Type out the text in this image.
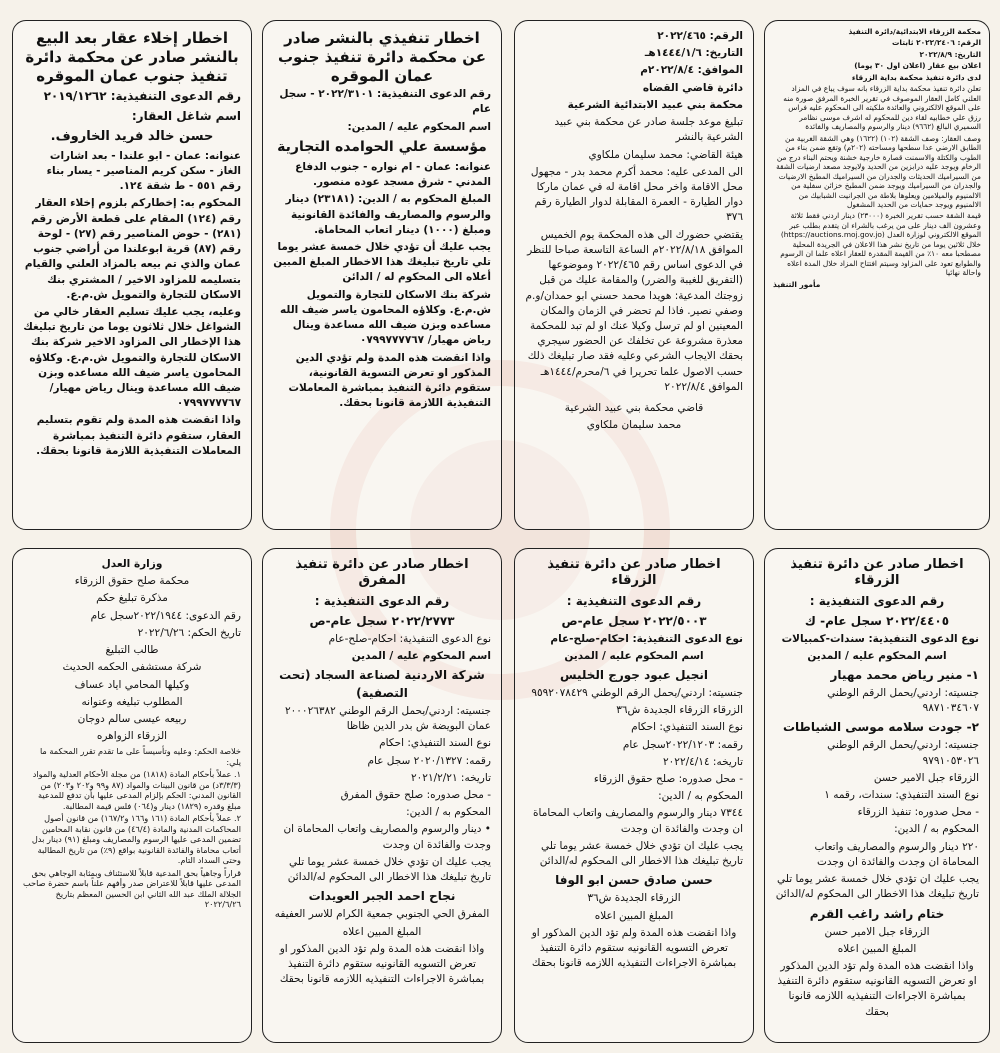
اخطار إخلاء عقار بعد البيع بالنشر صادر عن محكمة دائرة تنفيذ جنوب عمان الموقره

رقم الدعوى التنفيذية: ٢٠١٩/١٢٦٢

اسم شاغل العقار:

حسن خالد فريد الخاروف.

عنوانه: عمان - ابو علندا - بعد اشارات الغاز - سكن كريم المناصير - يسار بناء رقم ٥٥١ - ط شقة ١٢٤.

المحكوم به: إخطاركم بلزوم إخلاء العقار رقم (١٢٤) المقام على قطعة الأرض رقم (٢٨١) - حوض المناصير رقم (٢٧) - لوحة رقم (٨٧) قرية ابوعلندا من أراضي جنوب عمان والذي تم بيعه بالمزاد العلني والقيام بتسليمه للمزاود الاخير / المشتري بنك الاسكان للتجارة والتمويل ش.م.ع.

وعليه، يجب عليك تسليم العقار خالي من الشواغل خلال ثلاثون يوما من تاريخ تبليغك هذا الإخطار الى المزاود الاخير شركة بنك الاسكان للتجارة والتمويل ش.م.ع. وكلاؤه المحامون ياسر ضيف الله مساعده وبزن ضيف الله مساعدة وينال رياض مهيار/ ٠٧٩٩٧٧٧٧٦٧

واذا انقضت هذه المدة ولم تقوم بتسليم العقار، ستقوم دائرة التنفيذ بمباشرة المعاملات التنفيذية اللازمة قانونا بحقك.

اخطار تنفيذي بالنشر صادر عن محكمة دائرة تنفيذ جنوب عمان الموقره

رقم الدعوى التنفيذية: ٢٠٢٢/٣١٠١ - سجل عام

اسم المحكوم عليه / المدين:

مؤسسة علي الحوامده التجارية

عنوانه: عمان - ام نواره - جنوب الدفاع المدني - شرق مسجد عوده منصور.

المبلغ المحكوم به / الدين: (٢٣١٨١) دينار والرسوم والمصاريف والفائدة القانونية ومبلغ (١٠٠٠) دينار اتعاب المحاماة.

يجب عليك أن تؤدي خلال خمسة عشر يوما تلي تاريخ تبليغك هذا الاخطار المبلغ المبين أعلاه الى المحكوم له / الدائن

شركة بنك الاسكان للتجارة والتمويل ش.م.ع. وكلاؤه المحامون ياسر ضيف الله مساعده وبزن ضيف الله مساعدة وينال رياض مهيار/ ٠٧٩٩٧٧٧٧٦٧

واذا انقضت هذه المدة ولم تؤدي الدين المذكور او تعرض التسوية القانونية، ستقوم دائرة التنفيذ بمباشرة المعاملات التنفيذية اللازمة قانونا بحقك.

الرقم: ٢٠٢٢/٤٦٥

التاريخ: ١٤٤٤/١/٦هـ

الموافق: ٢٠٢٢/٨/٤م

دائرة قاضي القضاه

محكمة بني عبيد الابتدائية الشرعية

تبليغ موعد جلسة صادر عن محكمة بني عبيد الشرعية بالنشر

هيئة القاضي: محمد سليمان ملكاوي

الى المدعى عليه: محمد أكرم محمد بدر - مجهول محل الاقامة واخر محل اقامة له في عمان ماركا دوار الطيارة - العمرة المقابلة لدوار الطيارة رقم ٣٧٦

يقتضي حضورك الى هذه المحكمة يوم الخميس الموافق ٢٠٢٢/٨/١٨م الساعة التاسعة صباحا للنظر في الدعوى اساس رقم ٢٠٢٢/٤٦٥ وموضوعها (التفريق للغيبة والضرر) والمقامة عليك من قبل زوجتك المدعية: هويدا محمد حسني ابو حمدان/و.م وصفي نصير. فاذا لم تحضر في الزمان والمكان المعينين او لم ترسل وكيلا عنك او لم تبد للمحكمة معذرة مشروعة عن تخلفك عن الحضور سيجري بحقك الايجاب الشرعي وعليه فقد صار تبليغك ذلك حسب الاصول علما تحريرا في ٦/محرم/١٤٤٤هـ الموافق ٢٠٢٢/٨/٤

قاضي محكمة بني عبيد الشرعية

محمد سليمان ملكاوي

محكمة الزرقاء الابتدائية/دائرة التنفيذ

الرقم: ٢٠٢٢/٢٤٠٦ ثابتات

التاريخ: ٢٠٢٢/٨/٩

اعلان بيع عقار (اعلان اول ٣٠ يوما)

لدى دائرة تنفيذ محكمة بداية الزرقاء

تعلن دائرة تنفيذ محكمة بداية الزرقاء بانه سوف يباع في المزاد العلني كامل العقار الموصوف في تقرير الخبرة المرفق صورة منه على الموقع الالكتروني والعائدة ملكيته الى المحكوم عليه فراس رزق علي خطابيه لقاء دين للمحكوم له اشرف موسى نظامر السميري البالغ (٩٦٦٢) دينار والرسوم والمصاريف والفائدة

وصف العقار: وصف الشقة (١٠٢) (١٦٢٢) وهي الشقة الغربية من الطابق الارضي عدا سطحها ومساحته (٢٠٢م) وتقع ضمن بناء من الطوب والكتلة والاسمنت قصارة خارجية خشنة ويحتم البناء درج من الرخام ويوجد عليه درابزين من الحديد ولايوجد مصعد ارضيات الشقة من السيراميك الحديثات والجدران من السيراميك المطبخ الارضيات والجدران من السيراميك ويوجد ضمن المطبخ خزائن سفلية من الالمنيوم والميلامين ويعلوها بلاطة من الجرانيت الشبابيك من الالمنيوم ويوجد حمايات من الحديد المشغول

قيمة الشقة حسب تقرير الخبرة (٢٣٠٠٠) دينار اردني فقط ثلاثة وعشرون الف دينار على من يرغب بالشراء ان يتقدم بطلب عبر الموقع الالكتروني لوزارة العدل (https://auctions.moj.gov.jo) خلال ثلاثين يوما من تاريخ نشر هذا الاعلان في الجريدة المحلية مصطحبا معه ١٠٪ من القيمة المقدرة للعقار اعلاه علما ان الرسوم والطوابع تعود على المزاود وسيتم افتتاح المزاد خلال المدة اعلاه واحالة نهائيا

مأمور التنفيذ

وزارة العدل

محكمة صلح حقوق الزرقاء

مذكرة تبليغ حكم

رقم الدعوى: ٢٠٢٢/١٩٤٤سجل عام

تاريخ الحكم: ٢٠٢٢/٦/٢٦

طالب التبليغ

شركة مستشفى الحكمه الحديث

وكيلها المحامي اياد عساف

المطلوب تبليغه وعنوانه

ربيعه عيسى سالم دوجان

الزرقاء الزواهره

خلاصة الحكم: وعليه وتأسيساً على ما تقدم تقرر المحكمة ما يلي:

١. عملاً بأحكام المادة (١٨١٨) من مجلة الأحكام العدلية والمواد (٣/٣/٣د) من قانون البينات والمواد (٨٧ و٩٩ و٢٠٢ و٢٠٣) من القانون المدني: الحكم بإلزام المدعى عليها بأن تدفع للمدعية مبلغ وقدره (١٨٢٩) دينار و(٠٦٤) فلس قيمة المطالبة.

٢. عملاً بأحكام المادة (١٦١ و١٦٦ و١٦٧/٢) من قانون أصول المحاكمات المدنية والمادة (٤٦/٤) من قانون نقابة المحامين تضمين المدعى عليها الرسوم والمصاريف ومبلغ (٩١) دينار بدل أتعاب محاماة والفائدة القانونية بواقع (٩٪) من تاريخ المطالبة وحتى السداد التام.

قراراً وجاهياً بحق المدعية قابلاً للاستئناف وبمثابة الوجاهي بحق المدعى عليها قابلاً للاعتراض صدر وأفهم علناً باسم حضرة صاحب الجلالة الملك عبد الله الثاني ابن الحسين المعظم بتاريخ ٢٠٢٢/٦/٢٦

اخطار صادر عن دائرة تنفيذ المفرق

رقم الدعوى التنفيذية :

٢٠٢٢/٢٧٧٣ سجل عام-ص

نوع الدعوى التنفيذية: احكام-صلح-عام

اسم المحكوم عليه / المدين

شركة الاردنية لصناعة السجاد (تحت التصفية)

جنسيته: اردني/يحمل الرقم الوطني ٢٠٠٠٢٦٣٨٢ عمان البويضة ش بدر الدين ظاظا

نوع السند التنفيذي: احكام

رقمه: ٢٠٢٠/١٣٢٧ سجل عام

تاريخه: ٢٠٢١/٢/٢١

- محل صدوره: صلح حقوق المفرق

المحكوم به / الدين:

• دينار والرسوم والمصاريف واتعاب المحاماة ان وجدت والفائدة ان وجدت

يجب عليك ان تؤدي خلال خمسة عشر يوما تلي تاريخ تبليغك هذا الاخطار الى المحكوم له/الدائن

نجاح احمد الجبر العويدات

المفرق الحي الجنوبي جمعية الكرام للاسر العفيفه

المبلغ المبين اعلاه

واذا انقضت هذه المدة ولم تؤد الدين المذكور او تعرض التسويه القانونيه ستقوم دائرة التنفيذ بمباشرة الاجراءات التنفيذيه اللازمه قانونا بحقك

اخطار صادر عن دائرة تنفيذ الزرقاء

رقم الدعوى التنفيذية :

٢٠٢٢/٥٠٠٣ سجل عام-ص

نوع الدعوى التنفيذية: احكام-صلح-عام

اسم المحكوم عليه / المدين

انجيل عبود جورج الخليس

جنسيته: اردني/يحمل الرقم الوطني ٩٥٩٢٠٧٨٤٢٩

الزرقاء الزرقاء الجديدة ش٣٦

نوع السند التنفيذي: احكام

رقمه: ٢٠٢٢/١٢٠٣سجل عام

تاريخه: ٢٠٢٢/٤/١٤

- محل صدوره: صلح حقوق الزرقاء

المحكوم به / الدين:

٧٣٤٤ دينار والرسوم والمصاريف واتعاب المحاماة ان وجدت والفائدة ان وجدت

يجب عليك ان تؤدي خلال خمسة عشر يوما تلي تاريخ تبليغك هذا الاخطار الى المحكوم له/الدائن

حسن صادق حسن ابو الوفا

الزرقاء الجديدة ش٣٦

المبلغ المبين اعلاه

واذا انقضت هذه المدة ولم تؤد الدين المذكور او تعرض التسويه القانونيه ستقوم دائرة التنفيذ بمباشرة الاجراءات التنفيذيه اللازمه قانونا بحقك

اخطار صادر عن دائرة تنفيذ الزرقاء

رقم الدعوى التنفيذية :

٢٠٢٢/٤٤٠٥ سجل عام- ك

نوع الدعوى التنفيذية: سندات-كمبيالات

اسم المحكوم عليه / المدين

١- منير رياض محمد مهيار

جنسيته: اردني/يحمل الرقم الوطني ٩٨٧١٠٣٤٦٠٧

٢- جودت سلامه موسى الشياطات

جنسيته: اردني/يحمل الرقم الوطني ٩٧٩١٠٥٣٠٢٦

الزرقاء جبل الامير حسن

نوع السند التنفيذي: سندات، رقمه ١

- محل صدوره: تنفيذ الزرقاء

المحكوم به / الدين:

٢٢٠ دينار والرسوم والمصاريف واتعاب المحاماة ان وجدت والفائدة ان وجدت

يجب عليك ان تؤدي خلال خمسة عشر يوما تلي تاريخ تبليغك هذا الاخطار الى المحكوم له/الدائن

ختام راشد راغب القرم

الزرقاء جبل الامير حسن

المبلغ المبين اعلاه

واذا انقضت هذه المدة ولم تؤد الدين المذكور او تعرض التسويه القانونيه ستقوم دائرة التنفيذ بمباشرة الاجراءات التنفيذيه اللازمه قانونا بحقك
